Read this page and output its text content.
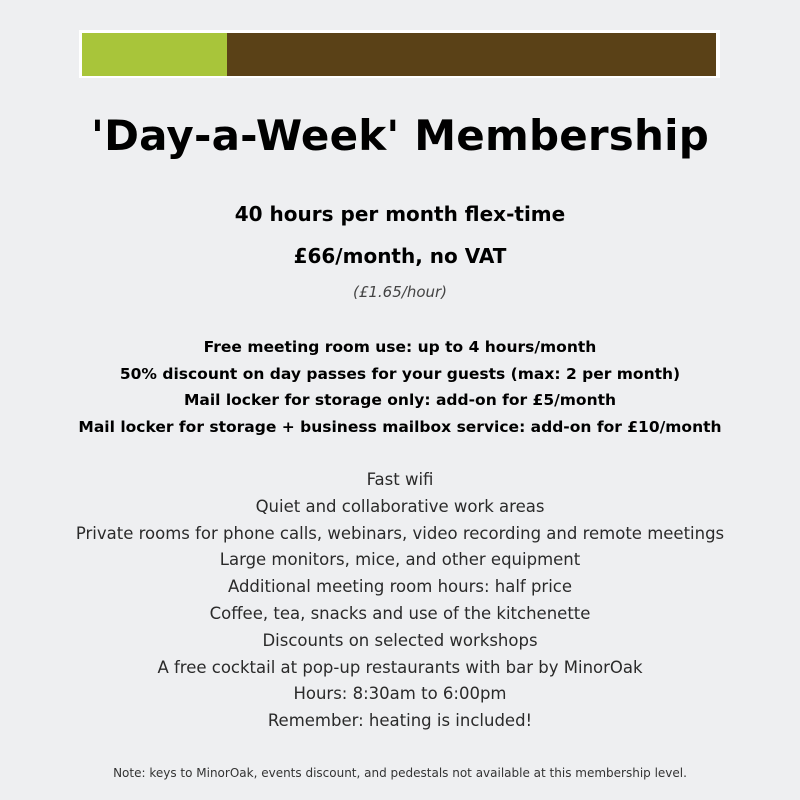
'Day-a-Week' Membership
40 hours per month flex-time
£66/month, no VAT
(£1.65/hour)
Free meeting room use: up to 4 hours/month
50% discount on day passes for your guests (max: 2 per month)
Mail locker for storage only: add-on for £5/month
Mail locker for storage + business mailbox service: add-on for £10/month
Fast wifi
Quiet and collaborative work areas
Private rooms for phone calls, webinars, video recording and remote meetings
Large monitors, mice, and other equipment
Additional meeting room hours: half price
Coffee, tea, snacks and use of the kitchenette
Discounts on selected workshops
A free cocktail at pop-up restaurants with bar by MinorOak
Hours: 8:30am to 6:00pm
Remember: heating is included!
Note: keys to MinorOak, events discount, and pedestals not available at this membership level.
